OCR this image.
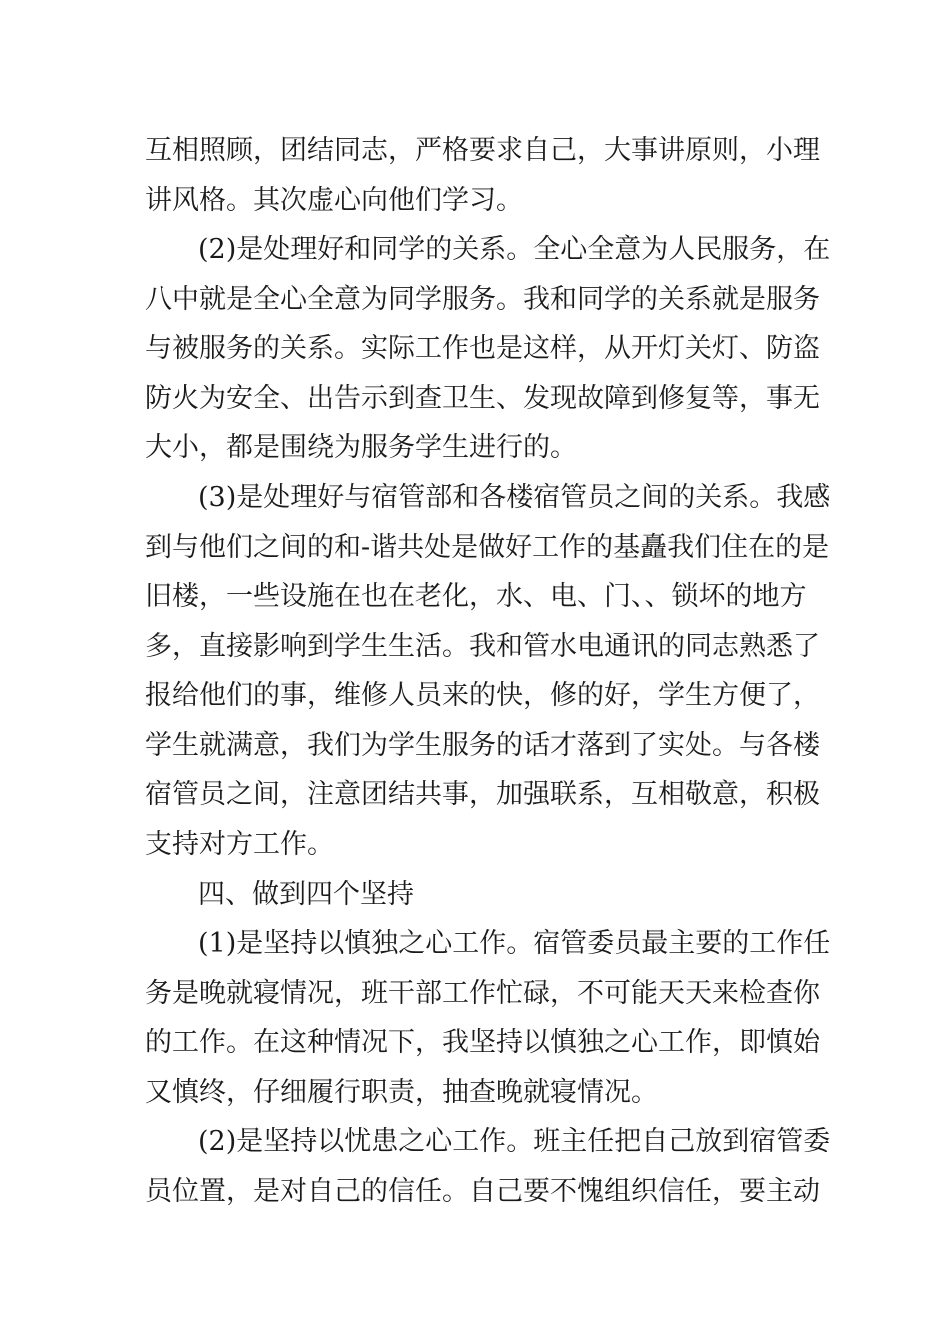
互相照顾，团结同志，严格要求自己，大事讲原则，小理
讲风格。其次虚心向他们学习。
(2)是处理好和同学的关系。全心全意为人民服务，在
八中就是全心全意为同学服务。我和同学的关系就是服务
与被服务的关系。实际工作也是这样，从开灯关灯、防盗
防火为安全、出告示到查卫生、发现故障到修复等，事无
大小，都是围绕为服务学生进行的。
(3)是处理好与宿管部和各楼宿管员之间的关系。我感
到与他们之间的和-谐共处是做好工作的基矗我们住在的是
旧楼，一些设施在也在老化，水、电、门、、锁坏的地方
多，直接影响到学生生活。我和管水电通讯的同志熟悉了
报给他们的事，维修人员来的快，修的好，学生方便了，
学生就满意，我们为学生服务的话才落到了实处。与各楼
宿管员之间，注意团结共事，加强联系，互相敬意，积极
支持对方工作。
四、做到四个坚持
(1)是坚持以慎独之心工作。宿管委员最主要的工作任
务是晚就寝情况，班干部工作忙碌，不可能天天来检查你
的工作。在这种情况下，我坚持以慎独之心工作，即慎始
又慎终，仔细履行职责，抽查晚就寝情况。
(2)是坚持以忧患之心工作。班主任把自己放到宿管委
员位置，是对自己的信任。自己要不愧组织信任，要主动
